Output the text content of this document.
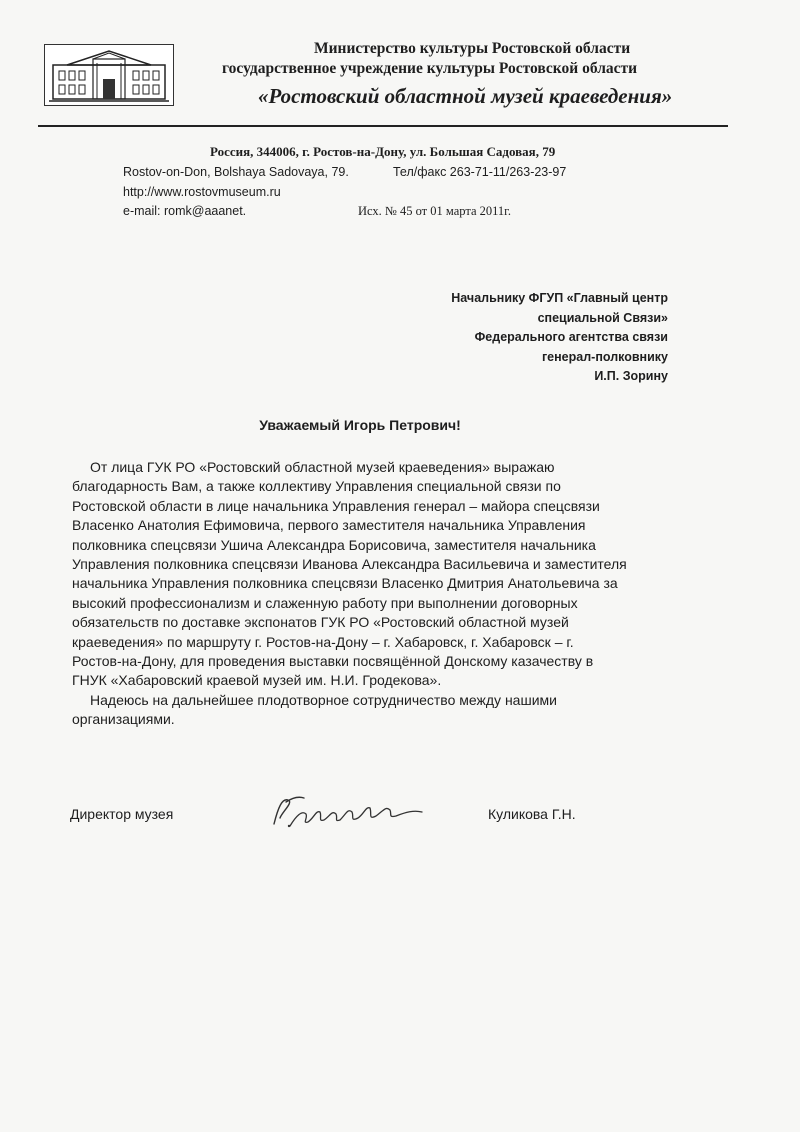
Министерство культуры Ростовской области
государственное учреждение культуры Ростовской области
«Ростовский областной музей краеведения»
Россия, 344006, г. Ростов-на-Дону, ул. Большая Садовая, 79
Rostov-on-Don, Bolshaya Sadovaya, 79.	Тел/факс 263-71-11/263-23-97
http://www.rostovmuseum.ru
e-mail: romk@aaanet.	Исх. № 45 от 01 марта 2011г.
Начальнику ФГУП «Главный центр
специальной Связи»
Федерального агентства связи
генерал-полковнику
И.П. Зорину
Уважаемый Игорь Петрович!
От лица ГУК РО «Ростовский областной музей краеведения» выражаю
благодарность Вам, а также коллективу Управления специальной связи по
Ростовской области в лице начальника Управления генерал – майора спецсвязи
Власенко Анатолия Ефимовича, первого заместителя начальника Управления
полковника спецсвязи Ушича Александра Борисовича, заместителя начальника
Управления полковника спецсвязи Иванова Александра Васильевича и заместителя
начальника Управления полковника спецсвязи Власенко Дмитрия Анатольевича за
высокий профессионализм и слаженную работу при выполнении договорных
обязательств по доставке экспонатов ГУК РО «Ростовский областной музей
краеведения» по маршруту г. Ростов-на-Дону – г. Хабаровск, г. Хабаровск – г.
Ростов-на-Дону, для проведения выставки посвящённой Донскому казачеству в
ГНУК «Хабаровский краевой музей им. Н.И. Гродекова».
Надеюсь на дальнейшее плодотворное сотрудничество между нашими
организациями.
Директор музея	Куликова Г.Н.
